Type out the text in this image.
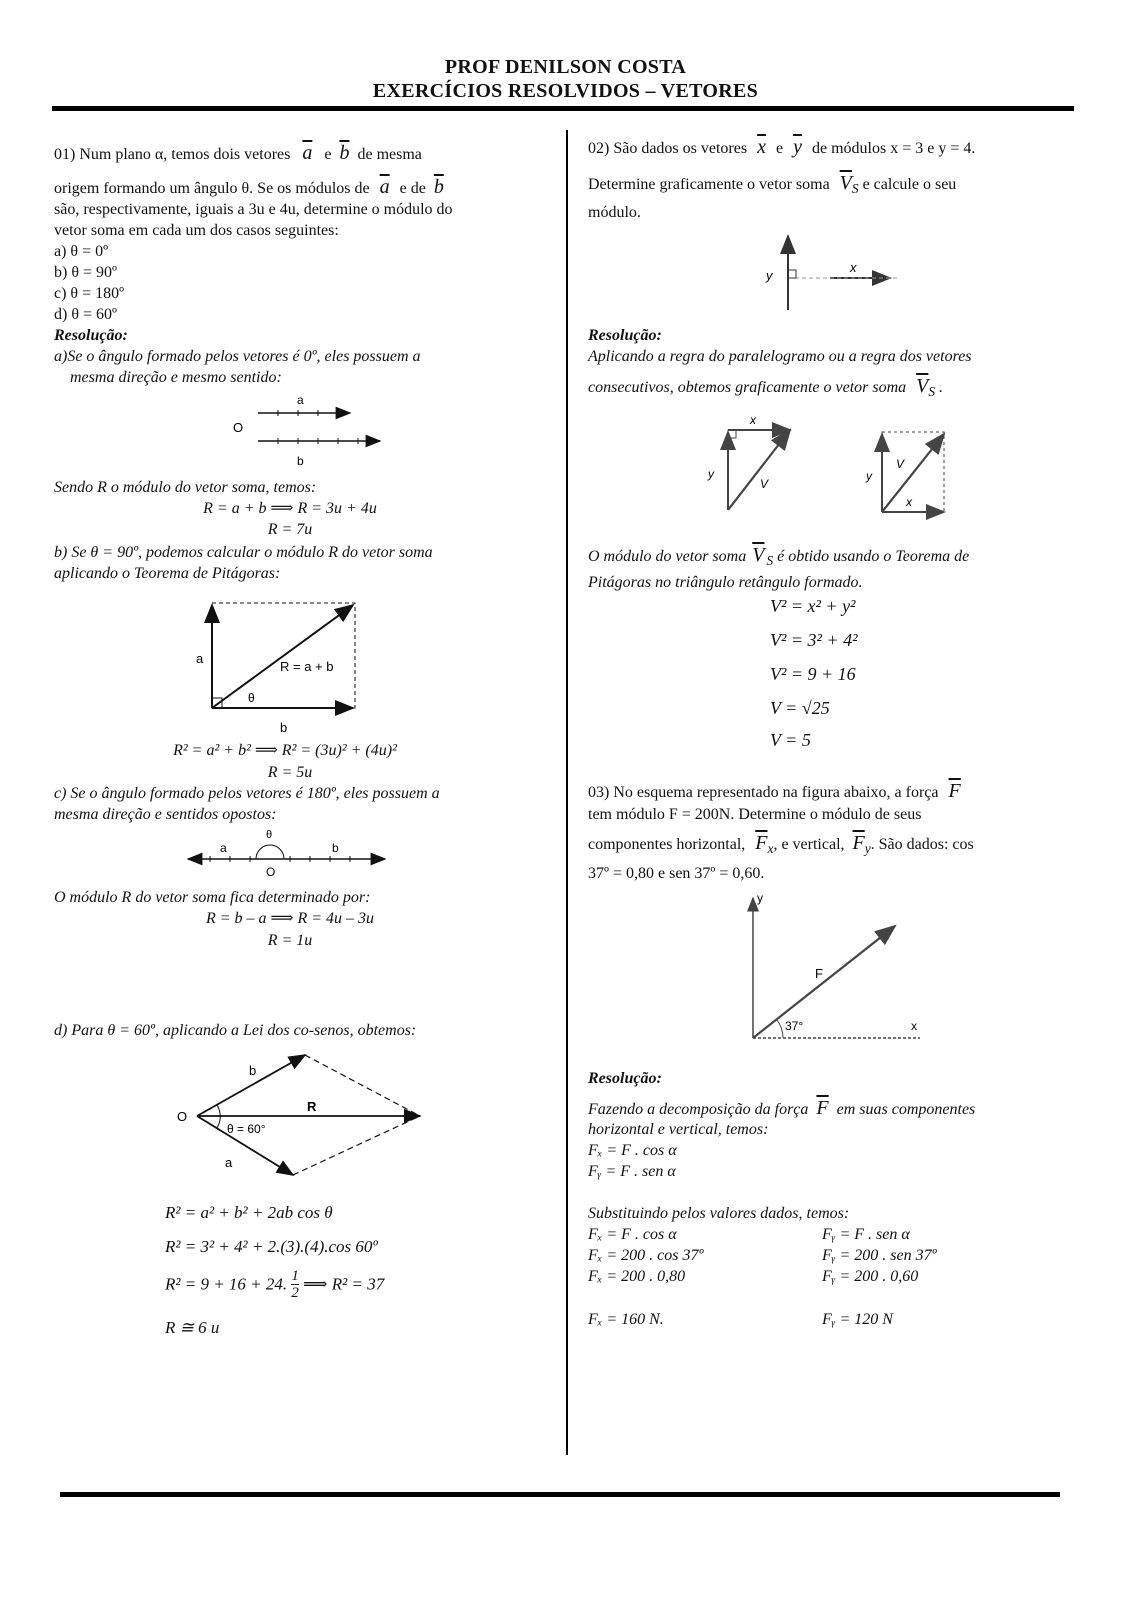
PROF DENILSON COSTA
EXERCÍCIOS RESOLVIDOS – VETORES
01) Num plano α, temos dois vetores $\overline{a}$ e $\overline{b}$ de mesma
origem formando um ângulo θ. Se os módulos de $\overline{a}$ e de $\overline{b}$
são, respectivamente, iguais a 3u e 4u, determine o módulo do
vetor soma em cada um dos casos seguintes:
a) θ = 0º
b) θ = 90º
c) θ = 180º
d) θ = 60º
Resolução:
a)Se o ângulo formado pelos vetores é 0º, eles possuem a
mesma direção e mesmo sentido:
O
a
b
Sendo R o módulo do vetor soma, temos:
R = a + b ⟹ R = 3u + 4u
R = 7u
b) Se θ = 90º, podemos calcular o módulo R do vetor soma
aplicando o Teorema de Pitágoras:
a
R = a + b
θ
b
R² = a² + b² ⟹ R² = (3u)² + (4u)²
R = 5u
c) Se o ângulo formado pelos vetores é 180º, eles possuem a
mesma direção e sentidos opostos:
θ
a	b
O
O módulo R do vetor soma fica determinado por:
R = b – a ⟹ R = 4u – 3u
R = 1u
d) Para θ = 60º, aplicando a Lei dos co-senos, obtemos:
O
b
R
θ = 60°
a
R² = a² + b² + 2ab cos θ
R² = 3² + 4² + 2.(3).(4).cos 60º
R² = 9 + 16 + 24. $\frac{1}{2}$ ⟹ R² = 37
R ≅ 6 u
02) São dados os vetores $\overline{x}$ e $\overline{y}$ de módulos x = 3 e y = 4.
Determine graficamente o vetor soma $\overline{V}_S$ e calcule o seu
módulo.
y
x
Resolução:
Aplicando a regra do paralelogramo ou a regra dos vetores
consecutivos, obtemos graficamente o vetor soma $\overline{V}_S$ .
y
x
V
y
V
x
O módulo do vetor soma $\overline{V}$ $_S$ é obtido usando o Teorema de
Pitágoras no triângulo retângulo formado.
V² = x² + y²
V² = 3² + 4²
V² = 9 + 16
V = √25
V = 5
03) No esquema representado na figura abaixo, a força $\overline{F}$
tem módulo F = 200N. Determine o módulo de seus
componentes horizontal, $\overline{F}_x$, e vertical, $\overline{F}_y$. São dados: cos
37º = 0,80 e sen 37º = 0,60.
y
x
F
37°
Resolução:
Fazendo a decomposição da força $\overline{F}$ em suas componentes
horizontal e vertical, temos:
Fₓ = F . cos α
Fᵧ = F . sen α
Substituindo pelos valores dados, temos:
Fₓ = F . cos α
Fₓ = 200 . cos 37º
Fₓ = 200 . 0,80
Fᵧ = F . sen α
Fᵧ = 200 . sen 37º
Fᵧ = 200 . 0,60
Fₓ = 160 N.	Fᵧ = 120 N
